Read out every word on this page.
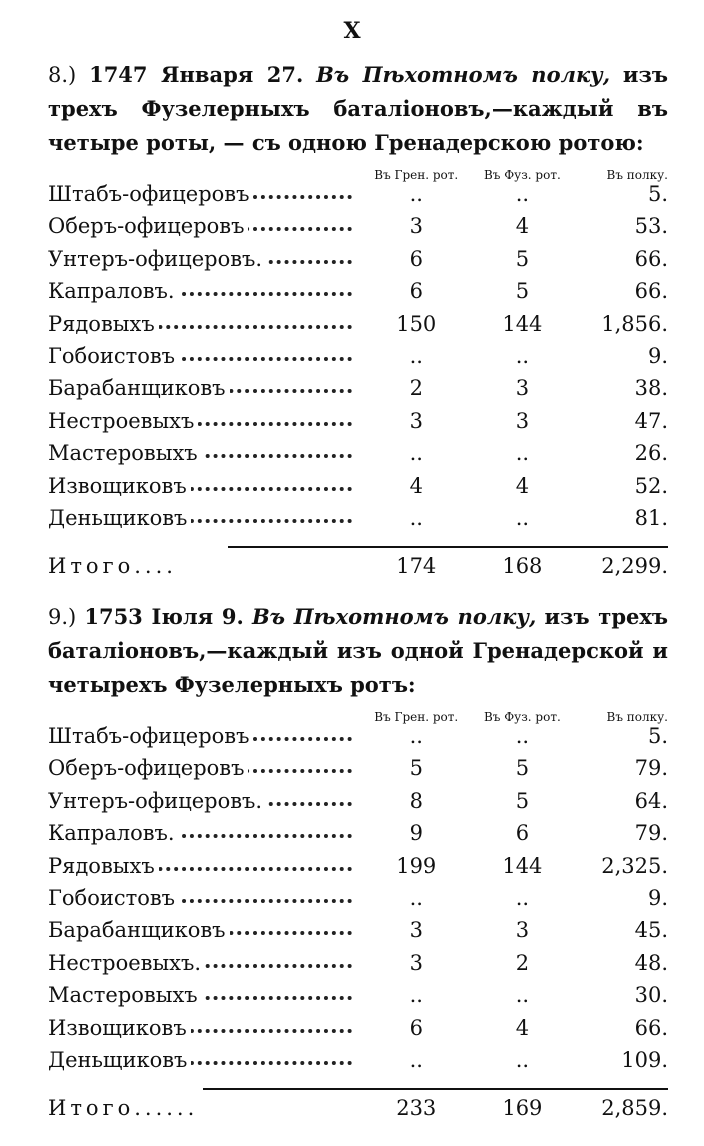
X

8.) 1747 Января 27. Въ Пѣхотномъ полку, изъ трехъ Фузелерныхъ баталіоновъ,—каждый въ четыре роты, — съ одною Гренадерскою ротою:

Въ Грен. рот.	Въ Фуз. рот.	Въ полку.
Штабъ-офицеровъ	..	..	5.
Оберъ-офицеровъ	3	4	53.
Унтеръ-офицеровъ.	6	5	66.
Капраловъ.	6	5	66.
Рядовыхъ	150	144	1,856.
Гобоистовъ	..	..	9.
Барабанщиковъ	2	3	38.
Нестроевыхъ	3	3	47.
Мастеровыхъ	..	..	26.
Извощиковъ	4	4	52.
Деньщиковъ	..	..	81.
Итого....	174	168	2,299.

9.) 1753 Іюля 9. Въ Пѣхотномъ полку, изъ трехъ баталіоновъ,—каждый изъ одной Гренадерской и четырехъ Фузелерныхъ ротъ:

Въ Грен. рот.	Въ Фуз. рот.	Въ полку.
Штабъ-офицеровъ	..	..	5.
Оберъ-офицеровъ	5	5	79.
Унтеръ-офицеровъ.	8	5	64.
Капраловъ.	9	6	79.
Рядовыхъ	199	144	2,325.
Гобоистовъ	..	..	9.
Барабанщиковъ	3	3	45.
Нестроевыхъ.	3	2	48.
Мастеровыхъ	..	..	30.
Извощиковъ	6	4	66.
Деньщиковъ	..	..	109.
Итого......	233	169	2,859.
